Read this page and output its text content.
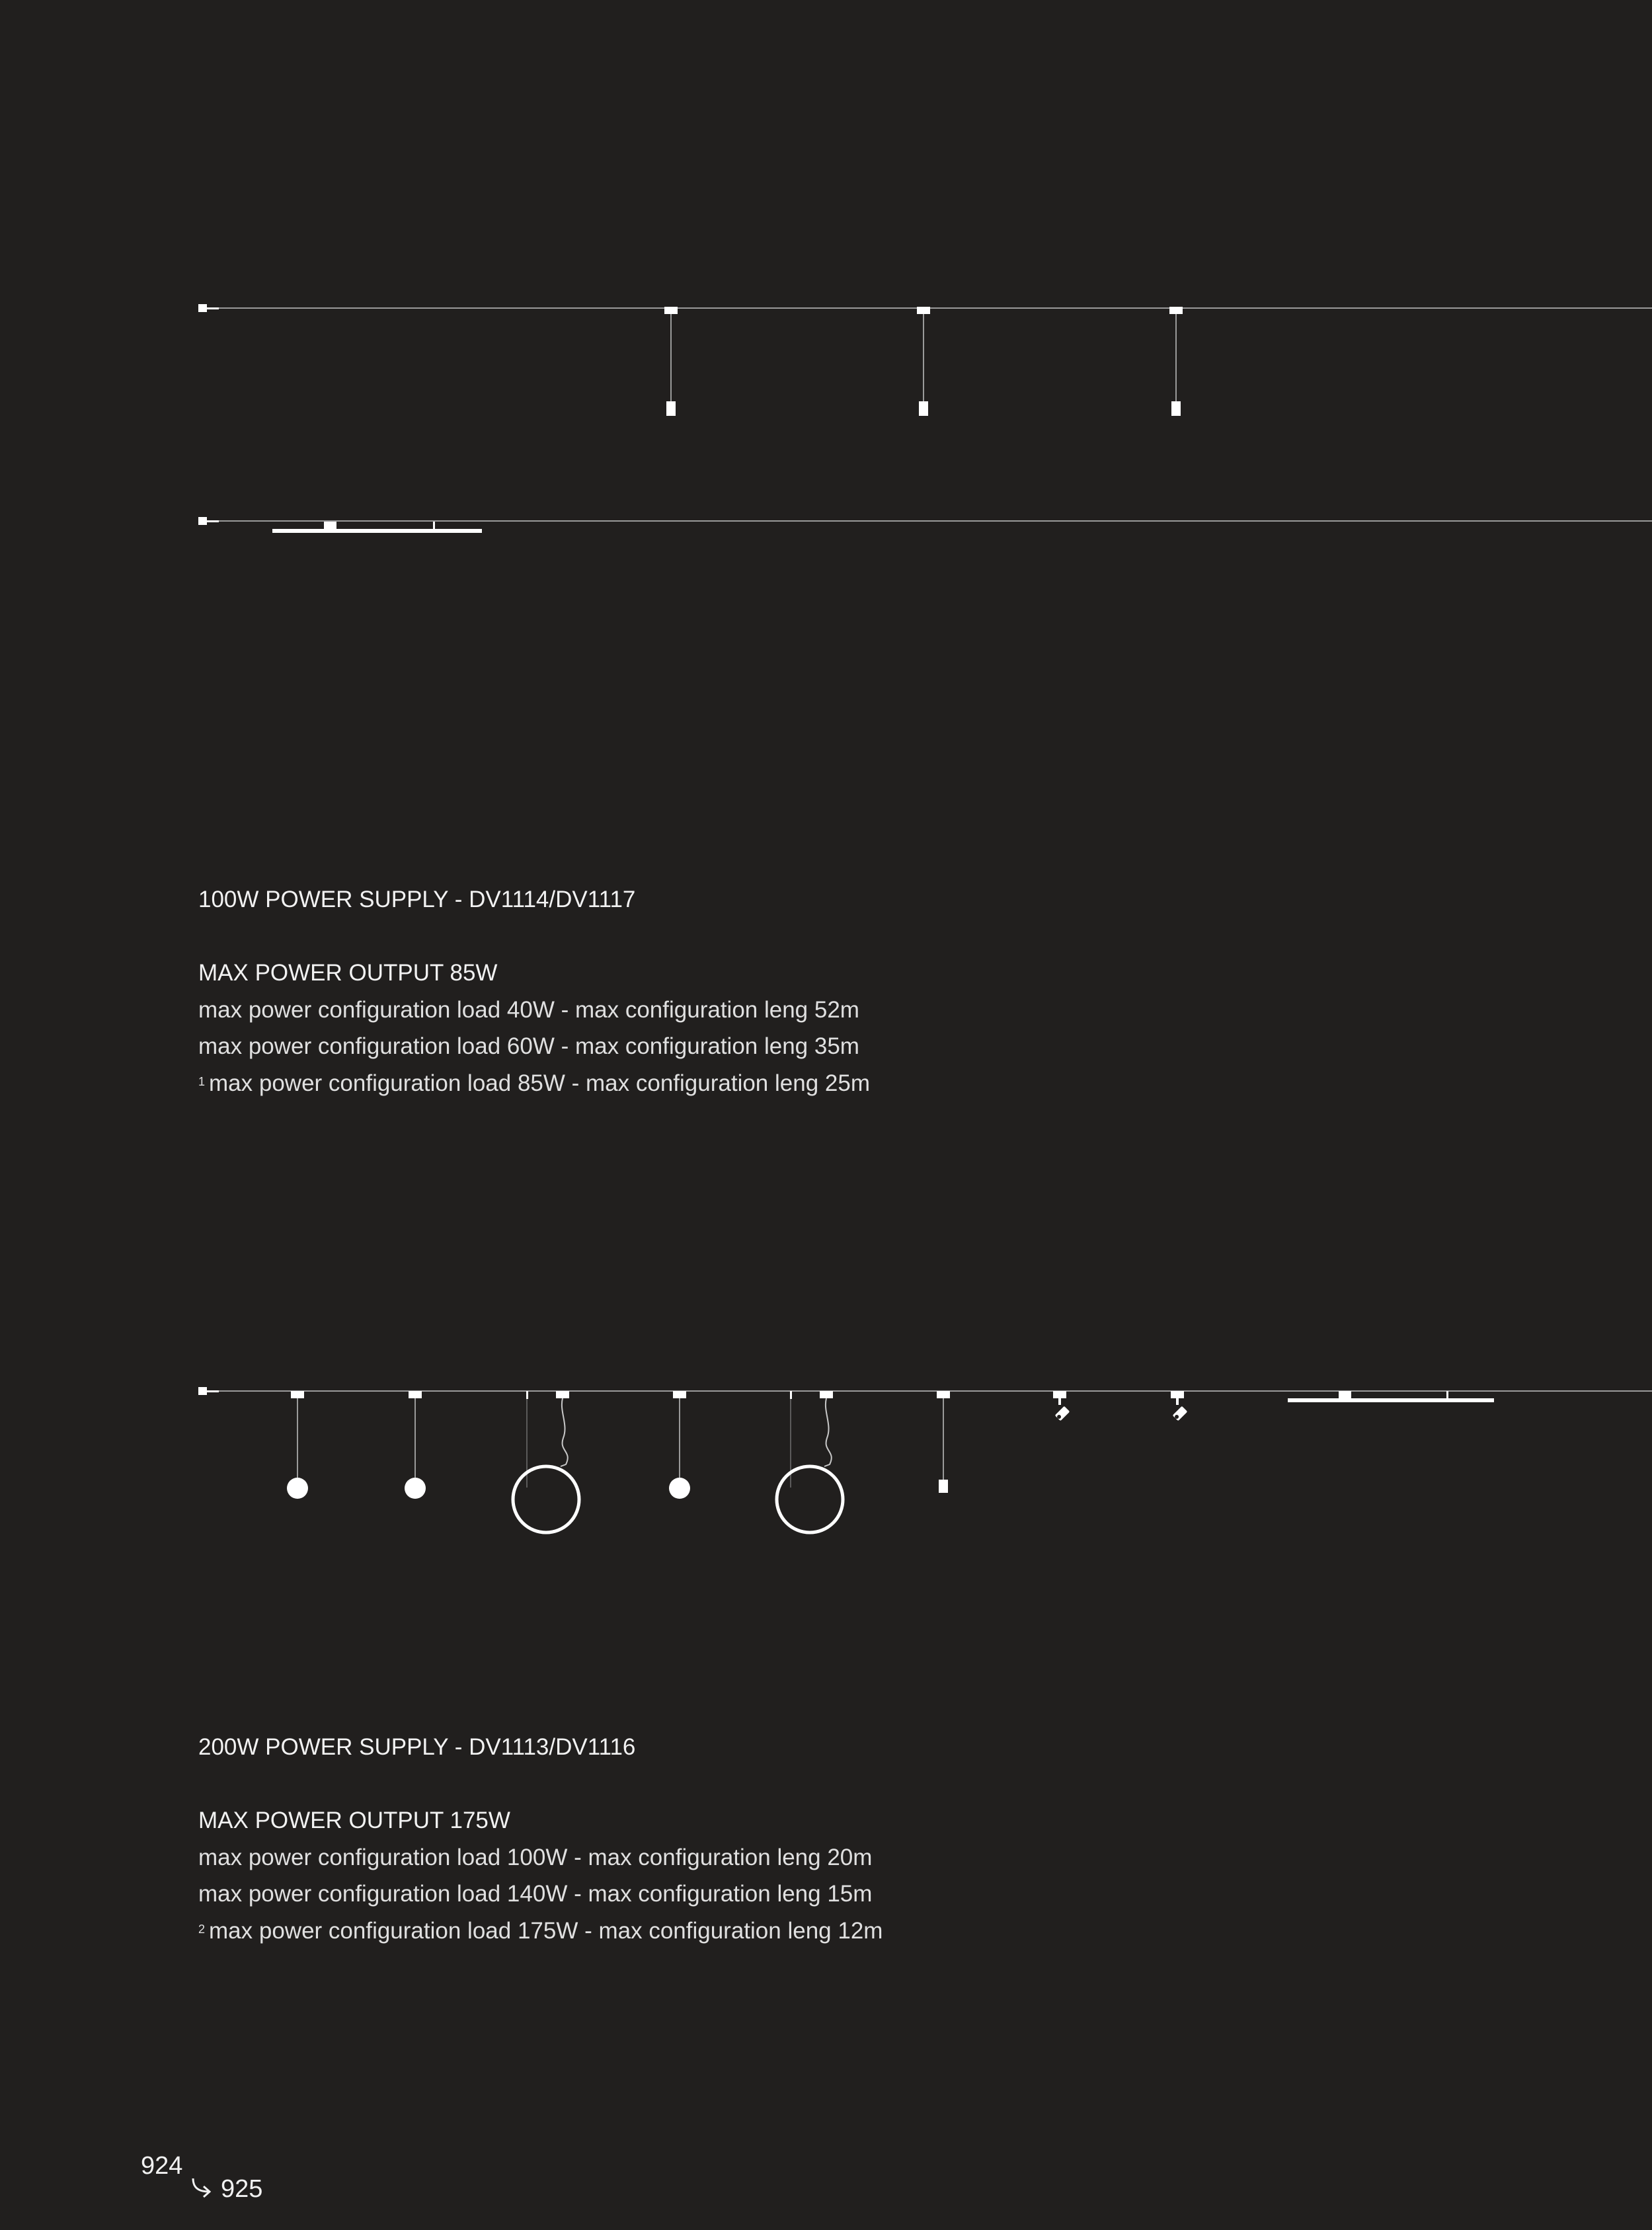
100W POWER SUPPLY - DV1114/DV1117

MAX POWER OUTPUT 85W

max power configuration load 40W - max configuration leng 52m

max power configuration load 60W - max configuration leng 35m

$^1$ max power configuration load 85W - max configuration leng 25m

200W POWER SUPPLY - DV1113/DV1116

MAX POWER OUTPUT 175W

max power configuration load 100W - max configuration leng 20m

max power configuration load 140W - max configuration leng 15m

$^2$ max power configuration load 175W - max configuration leng 12m

924
925
